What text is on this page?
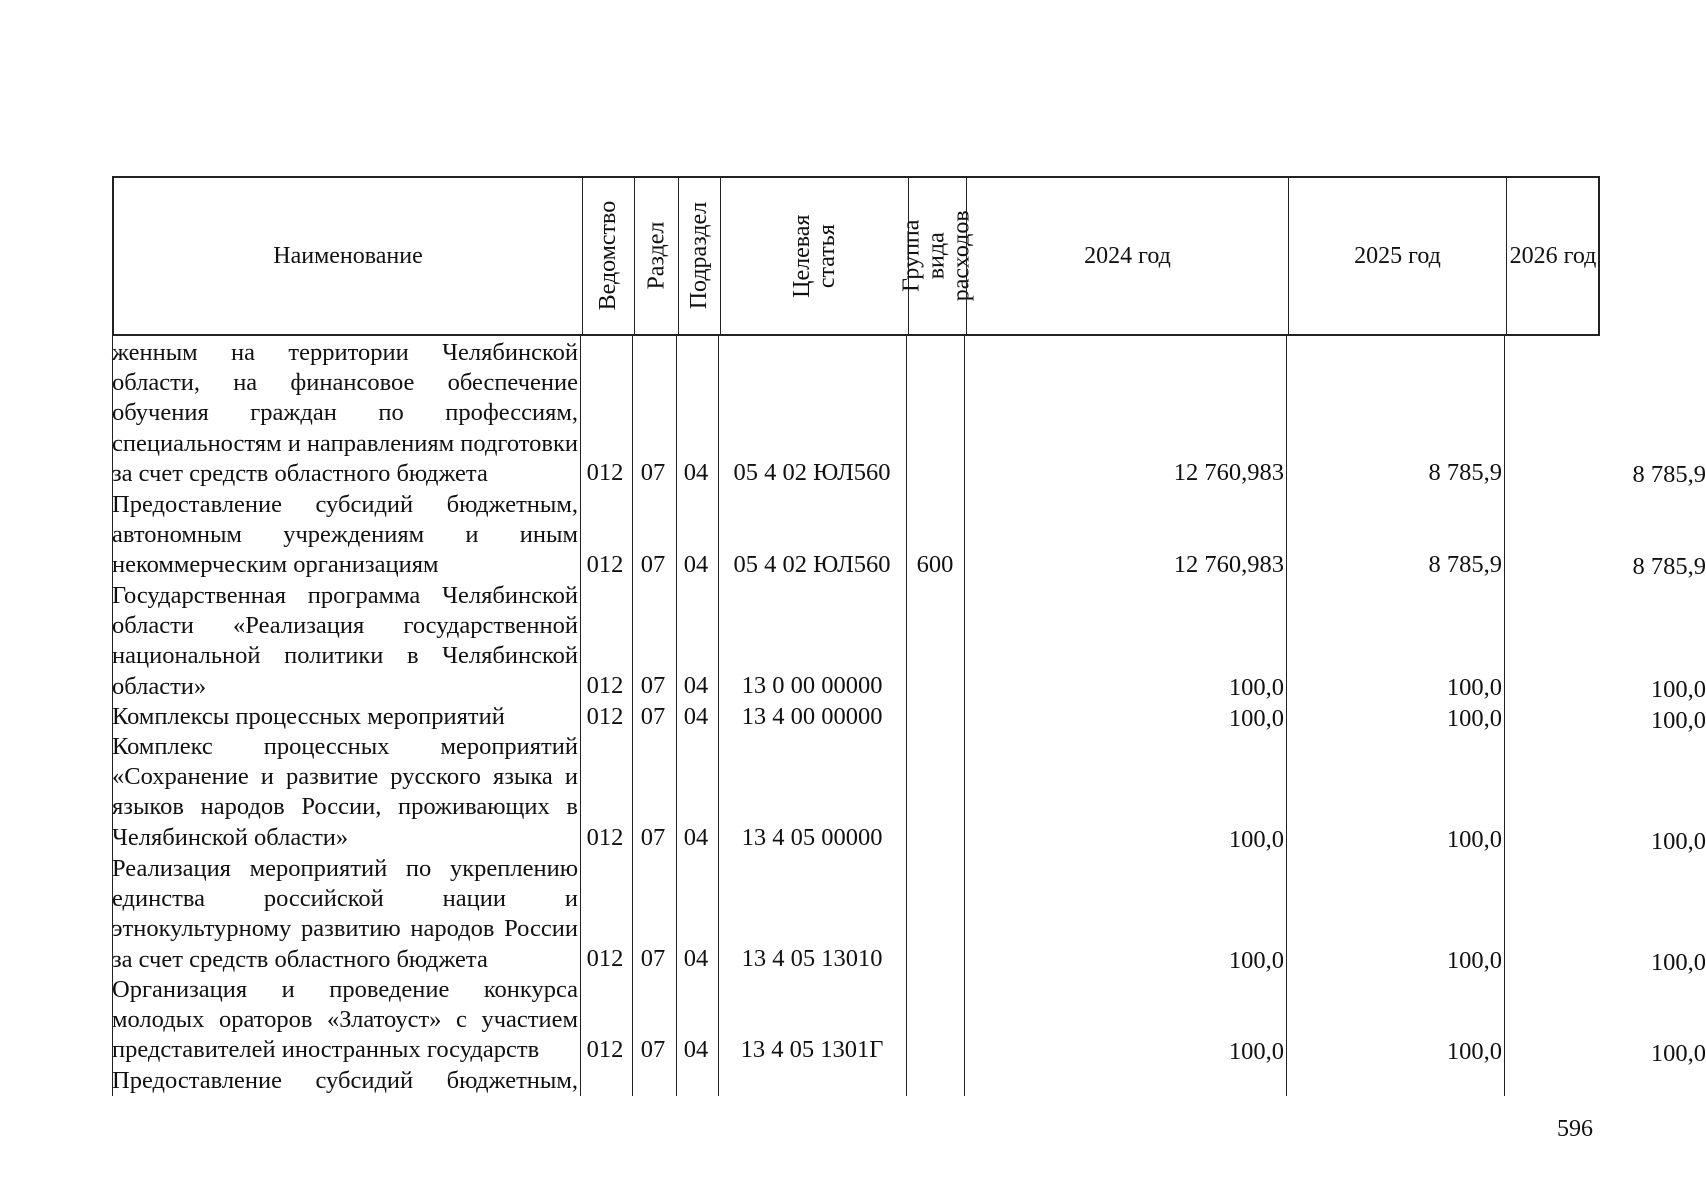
Наименование	Ведомство Раздел Подраздел	Целевая статья Группа вида расходов	2024 год	2025 год	2026 год
женным на территории Челябинской области, на финансовое обеспечение обучения граждан по профессиям, специальностям и направлениям подготовки за счет средств областного бюджета	012 07 04	05 4 02 ЮЛ560	12 760,983	8 785,9	8 785,9
Предоставление субсидий бюджетным, автономным учреждениям и иным некоммерческим организациям	012 07 04	05 4 02 ЮЛ560	600	12 760,983	8 785,9	8 785,9
Государственная программа Челябинской области «Реализация государственной национальной политики в Челябинской области»	012 07 04	13 0 00 00000	100,0	100,0	100,0
Комплексы процессных мероприятий	012 07 04	13 4 00 00000	100,0	100,0	100,0
Комплекс процессных мероприятий «Сохранение и развитие русского языка и языков народов России, проживающих в Челябинской области»	012 07 04	13 4 05 00000	100,0	100,0	100,0
Реализация мероприятий по укреплению единства российской нации и этнокультурному развитию народов России за счет средств областного бюджета	012 07 04	13 4 05 13010	100,0	100,0	100,0
Организация и проведение конкурса молодых ораторов «Златоуст» с участием представителей иностранных государств	012 07 04	13 4 05 1301Г	100,0	100,0	100,0
Предоставление субсидий бюджетным,
596
